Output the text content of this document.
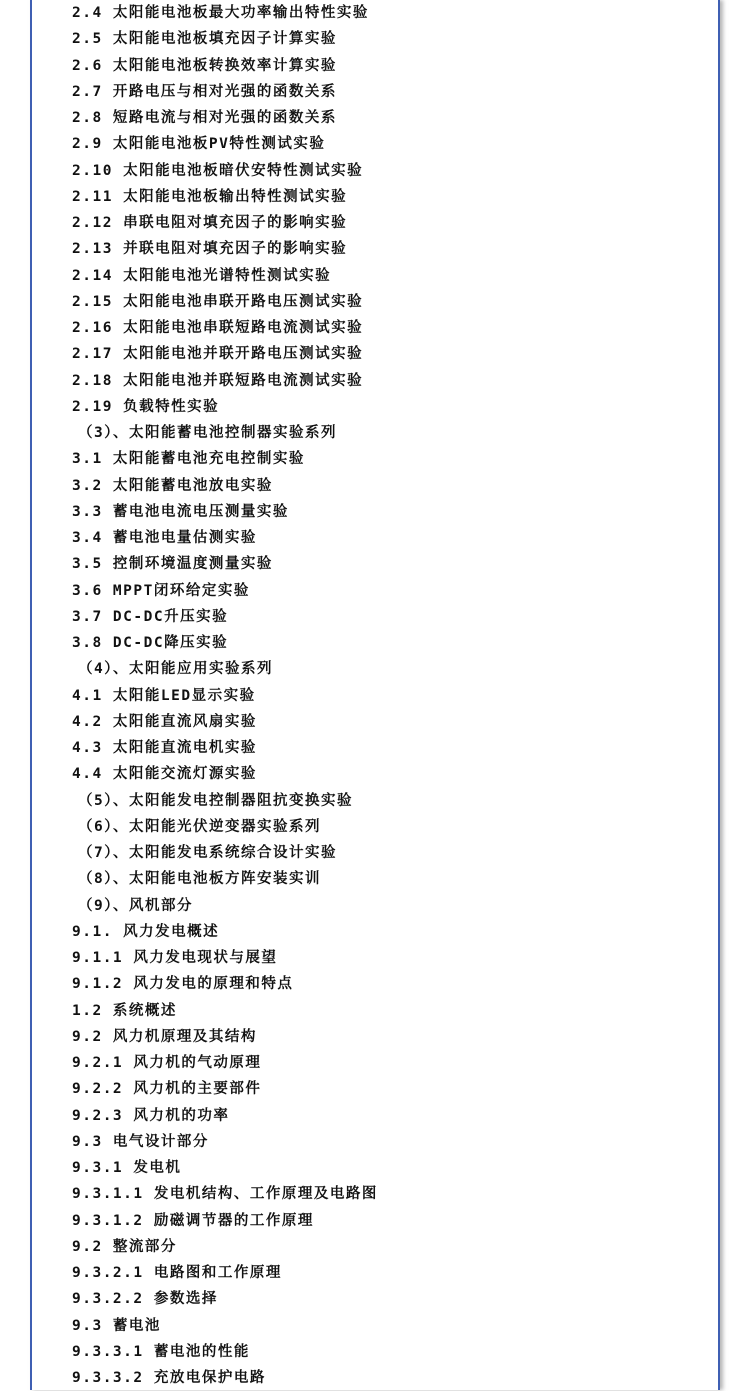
2.4 太阳能电池板最大功率输出特性实验
2.5 太阳能电池板填充因子计算实验
2.6 太阳能电池板转换效率计算实验
2.7 开路电压与相对光强的函数关系
2.8 短路电流与相对光强的函数关系
2.9 太阳能电池板PV特性测试实验
2.10 太阳能电池板暗伏安特性测试实验
2.11 太阳能电池板输出特性测试实验
2.12 串联电阻对填充因子的影响实验
2.13 并联电阻对填充因子的影响实验
2.14 太阳能电池光谱特性测试实验
2.15 太阳能电池串联开路电压测试实验
2.16 太阳能电池串联短路电流测试实验
2.17 太阳能电池并联开路电压测试实验
2.18 太阳能电池并联短路电流测试实验
2.19 负载特性实验
（3）、太阳能蓄电池控制器实验系列
3.1 太阳能蓄电池充电控制实验
3.2 太阳能蓄电池放电实验
3.3 蓄电池电流电压测量实验
3.4 蓄电池电量估测实验
3.5 控制环境温度测量实验
3.6 MPPT闭环给定实验
3.7 DC-DC升压实验
3.8 DC-DC降压实验
（4）、太阳能应用实验系列
4.1 太阳能LED显示实验
4.2 太阳能直流风扇实验
4.3 太阳能直流电机实验
4.4 太阳能交流灯源实验
（5）、太阳能发电控制器阻抗变换实验
（6）、太阳能光伏逆变器实验系列
（7）、太阳能发电系统综合设计实验
（8）、太阳能电池板方阵安装实训
（9）、风机部分
9.1. 风力发电概述
9.1.1 风力发电现状与展望
9.1.2 风力发电的原理和特点
1.2 系统概述
9.2 风力机原理及其结构
9.2.1 风力机的气动原理
9.2.2 风力机的主要部件
9.2.3 风力机的功率
9.3 电气设计部分
9.3.1 发电机
9.3.1.1 发电机结构、工作原理及电路图
9.3.1.2 励磁调节器的工作原理
9.2 整流部分
9.3.2.1 电路图和工作原理
9.3.2.2 参数选择
9.3 蓄电池
9.3.3.1 蓄电池的性能
9.3.3.2 充放电保护电路
